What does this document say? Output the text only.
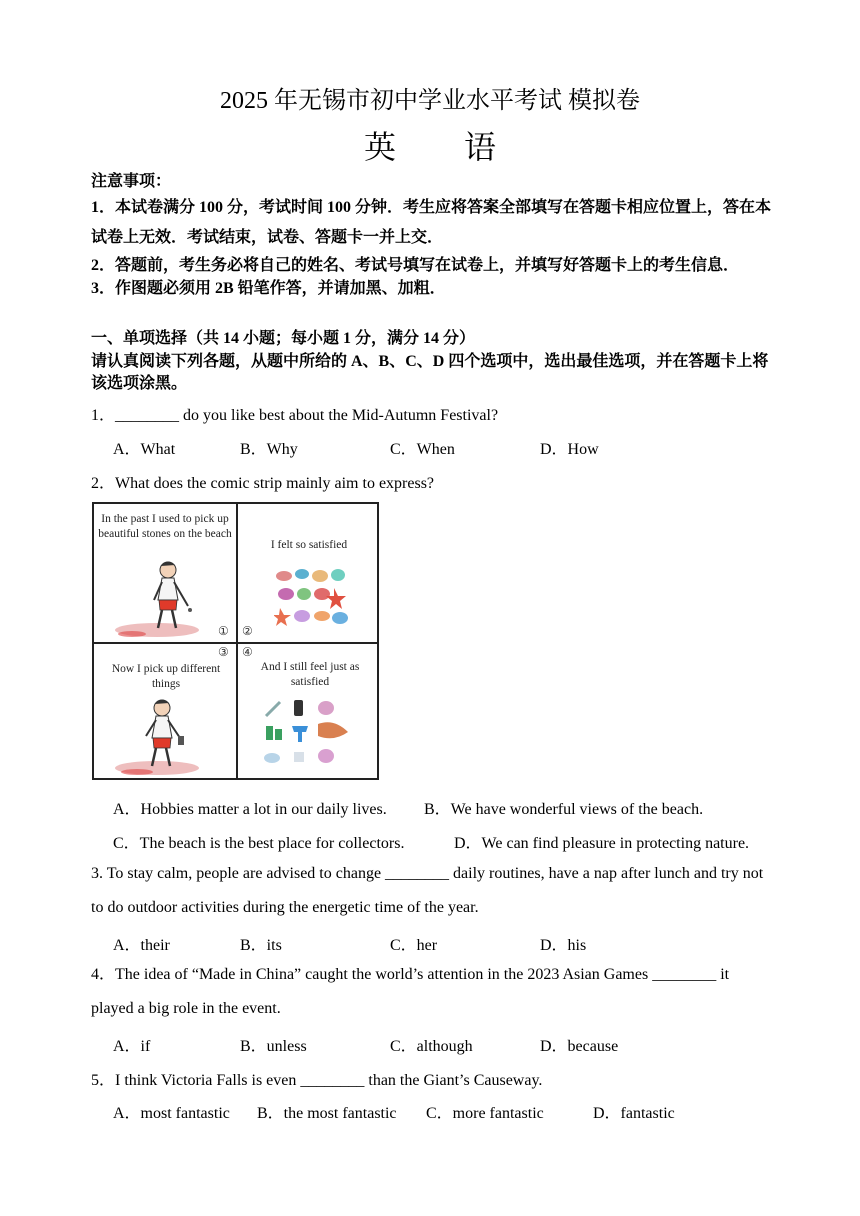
2025 年无锡市初中学业水平考试 模拟卷
英 语
注意事项：
1．本试卷满分 100 分，考试时间 100 分钟．考生应将答案全部填写在答题卡相应位置上，答在本试卷上无效．考试结束，试卷、答题卡一并上交．
2．答题前，考生务必将自己的姓名、考试号填写在试卷上，并填写好答题卡上的考生信息．
3．作图题必须用 2B 铅笔作答，并请加黑、加粗．
一、单项选择（共 14 小题；每小题 1 分，满分 14 分）
请认真阅读下列各题，从题中所给的 A、B、C、D 四个选项中，选出最佳选项，并在答题卡上将该选项涂黑。
1．________ do you like best about the Mid-Autumn Festival?
A．What	B．Why	C．When	D．How
2．What does the comic strip mainly aim to express?
In the past I used to pick up beautiful stones on the beach
①
I felt so satisfied
②
③
Now I pick up different things
④
And I still feel just as satisfied
A．Hobbies matter a lot in our daily lives. B．We have wonderful views of the beach.
C．The beach is the best place for collectors.	D．We can find pleasure in protecting nature.
3. To stay calm, people are advised to change ________ daily routines, have a nap after lunch and try not to do outdoor activities during the energetic time of the year.
A．their	B．its	C．her	D．his
4．The idea of “Made in China” caught the world’s attention in the 2023 Asian Games ________ it played a big role in the event.
A．if	B．unless	C．although	D．because
5．I think Victoria Falls is even ________ than the Giant’s Causeway.
A．most fantastic B．the most fantastic C．more fantastic	D．fantastic
